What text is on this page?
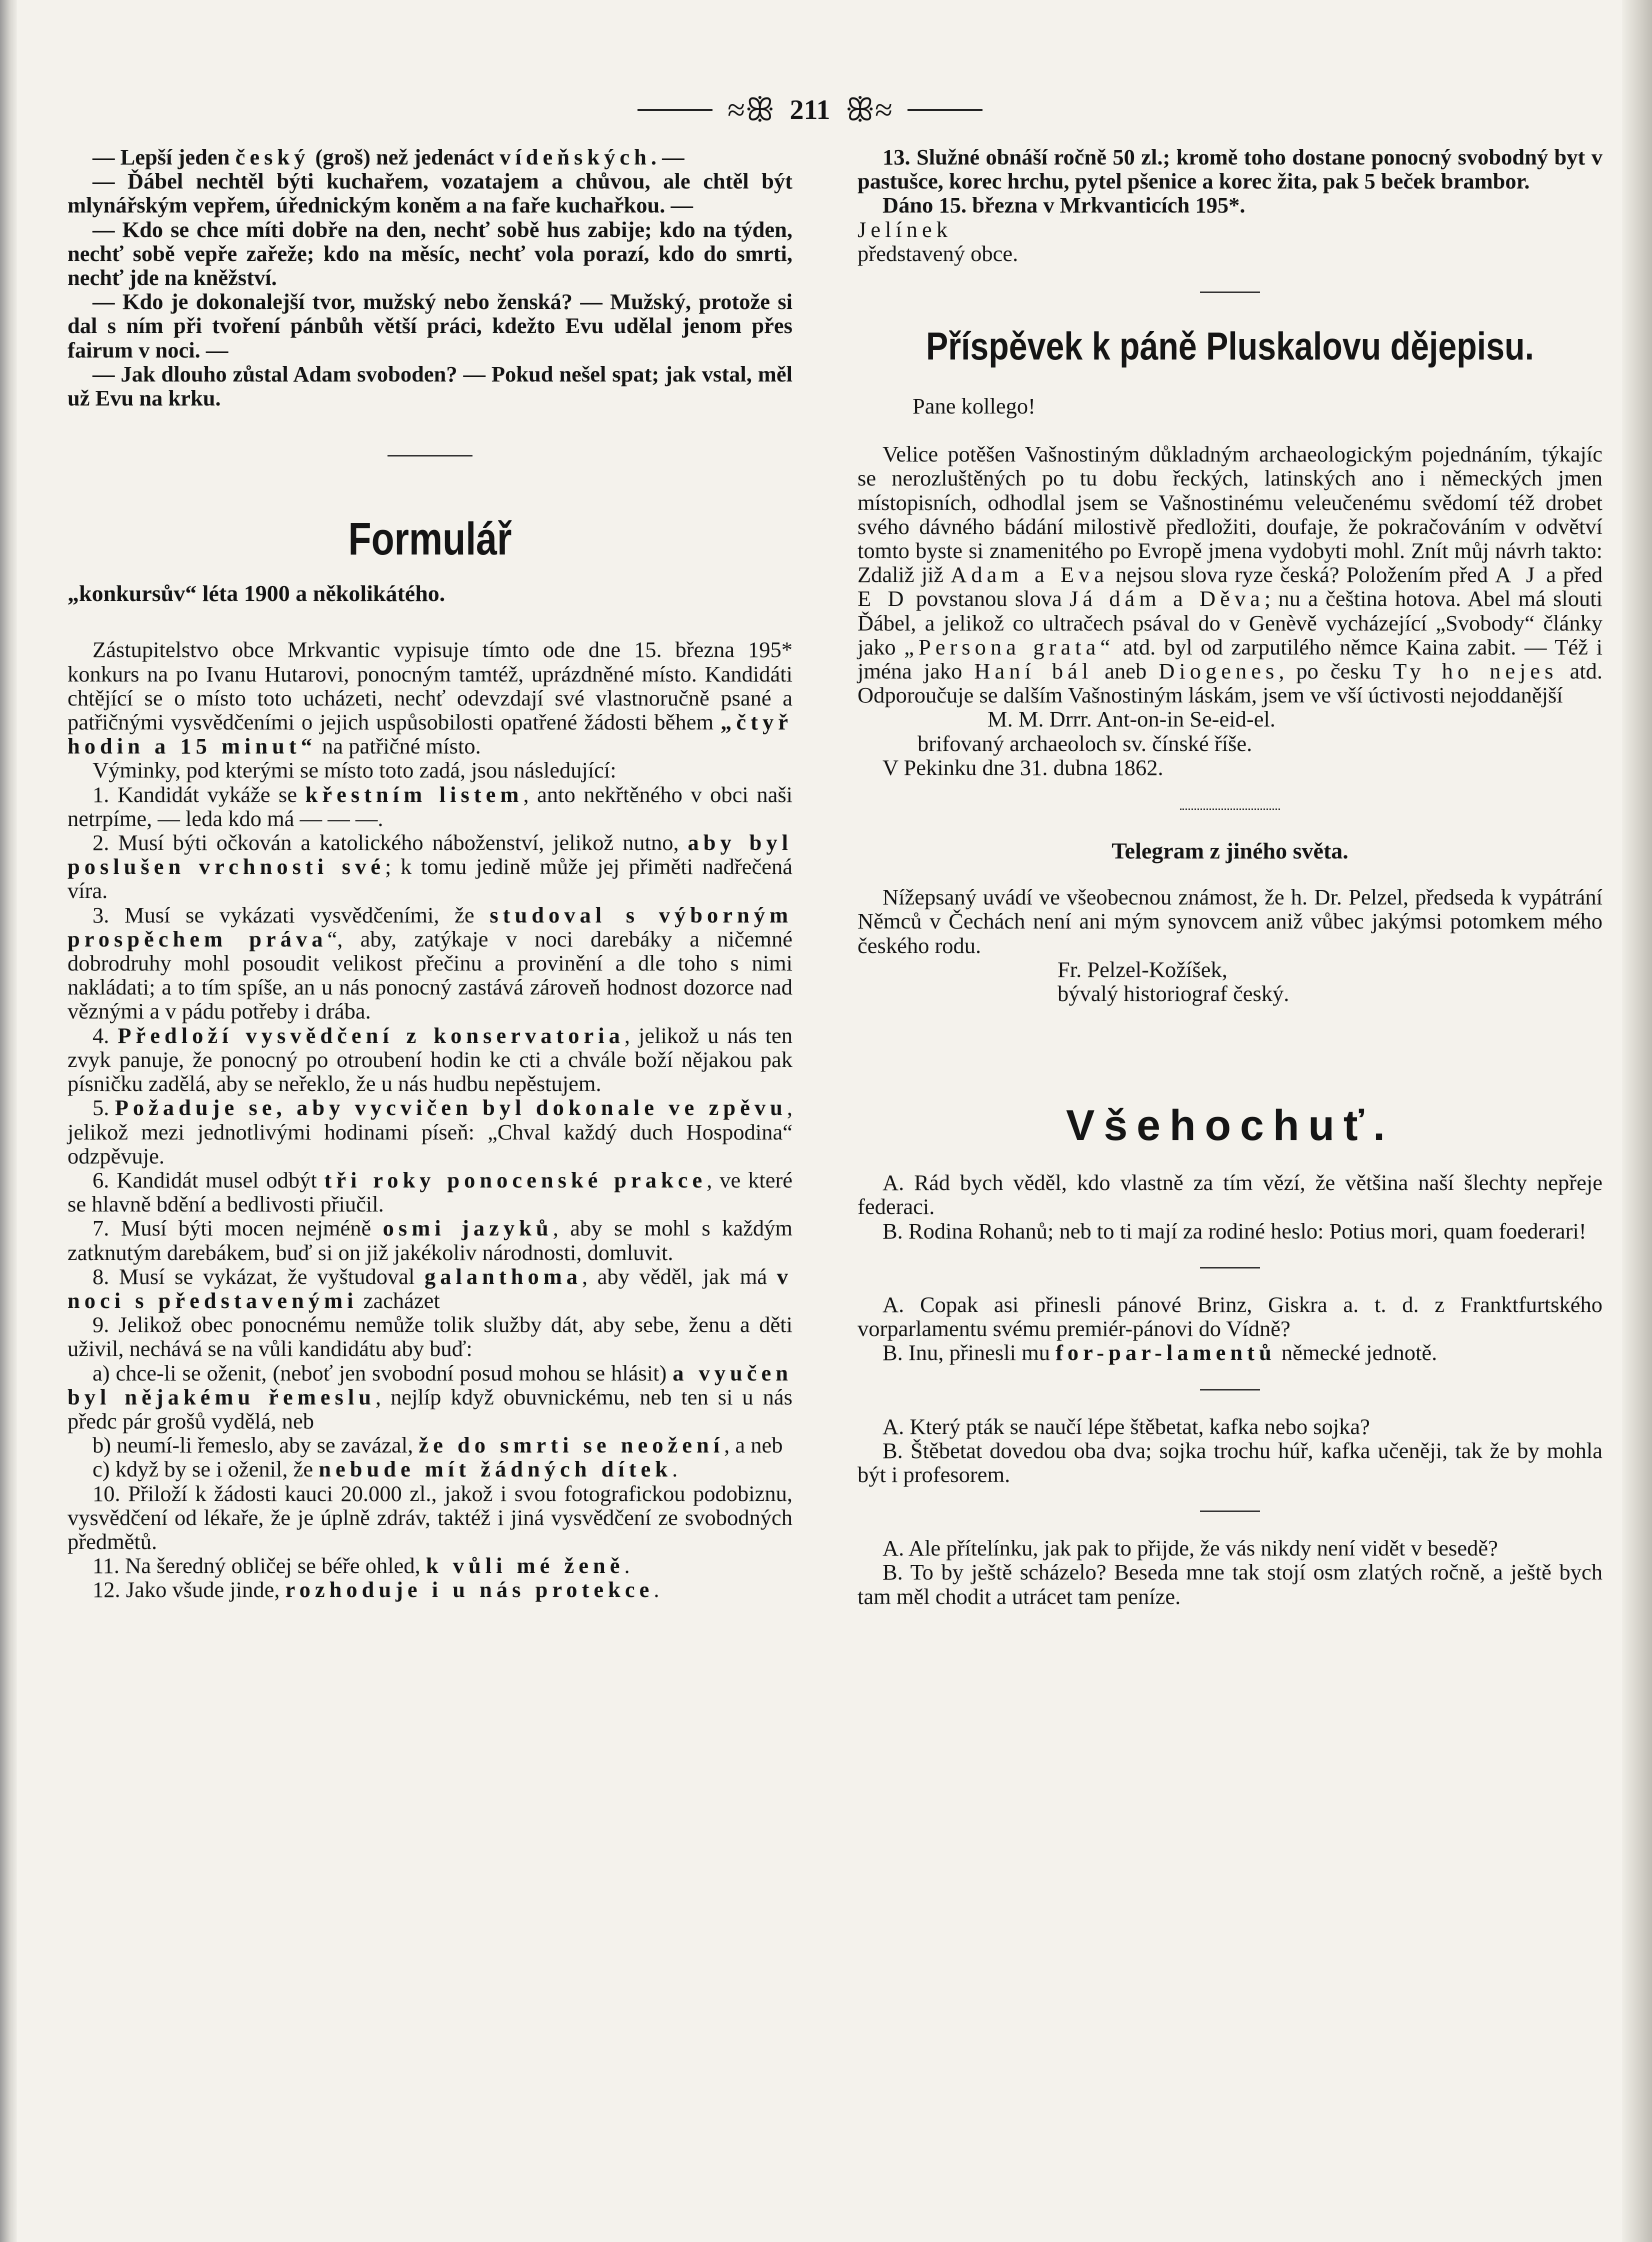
≈ꕥ 211 ꕥ≈

— Lepší jeden český (groš) než jedenáct vídeňských. —

— Ďábel nechtěl býti kuchařem, vozatajem a chůvou, ale chtěl být mlynářským vepřem, úřednickým koněm a na faře kuchařkou. —

— Kdo se chce míti dobře na den, nechť sobě hus zabije; kdo na týden, nechť sobě vepře zařeže; kdo na měsíc, nechť vola porazí, kdo do smrti, nechť jde na kněžství.

— Kdo je dokonalejší tvor, mužský nebo ženská? — Mužský, protože si dal s ním při tvoření pánbůh větší práci, kdežto Evu udělal jenom přes fairum v noci. —

— Jak dlouho zůstal Adam svoboden? — Pokud nešel spat; jak vstal, měl už Evu na krku.

Formulář

„konkursův“ léta 1900 a několikátého.

Zástupitelstvo obce Mrkvantic vypisuje tímto ode dne 15. března 195* konkurs na po Ivanu Hutarovi, ponocným tamtéž, uprázdněné místo. Kandidáti chtějící se o místo toto ucházeti, nechť odevzdají své vlastnoručně psané a patřičnými vysvědčeními o jejich uspůsobilosti opatřené žádosti během „čtyř hodin a 15 minut“ na patřičné místo.

Výminky, pod kterými se místo toto zadá, jsou následující:

1. Kandidát vykáže se křestním listem, anto nekřtěného v obci naši netrpíme, — leda kdo má — — —.

2. Musí býti očkován a katolického náboženství, jelikož nutno, aby byl poslušen vrchnosti své; k tomu jedině může jej přiměti nadřečená víra.

3. Musí se vykázati vysvědčeními, že studoval s výborným prospěchem práva“, aby, zatýkaje v noci darebáky a ničemné dobrodruhy mohl posoudit velikost přečinu a provinění a dle toho s nimi nakládati; a to tím spíše, an u nás ponocný zastává zároveň hodnost dozorce nad věznými a v pádu potřeby i drába.

4. Předloží vysvědčení z konservatoria, jelikož u nás ten zvyk panuje, že ponocný po otroubení hodin ke cti a chvále boží nějakou pak písničku zadělá, aby se neřeklo, že u nás hudbu nepěstujem.

5. Požaduje se, aby vycvičen byl dokonale ve zpěvu, jelikož mezi jednotlivými hodinami píseň: „Chval každý duch Hospodina“ odzpěvuje.

6. Kandidát musel odbýt tři roky ponocenské prakce, ve které se hlavně bdění a bedlivosti přiučil.

7. Musí býti mocen nejméně osmi jazyků, aby se mohl s každým zatknutým darebákem, buď si on již jakékoliv národnosti, domluvit.

8. Musí se vykázat, že vyštudoval galanthoma, aby věděl, jak má v noci s představenými zacházet

9. Jelikož obec ponocnému nemůže tolik služby dát, aby sebe, ženu a děti uživil, nechává se na vůli kandidátu aby buď:

a) chce-li se oženit, (neboť jen svobodní posud mohou se hlásit) a vyučen byl nějakému řemeslu, nejlíp když obuvnickému, neb ten si u nás předc pár grošů vydělá, neb

b) neumí-li řemeslo, aby se zavázal, že do smrti se neožení, a neb

c) když by se i oženil, že nebude mít žádných dítek.

10. Přiloží k žádosti kauci 20.000 zl., jakož i svou fotografickou podobiznu, vysvědčení od lékaře, že je úplně zdráv, taktéž i jiná vysvědčení ze svobodných předmětů.

11. Na šeredný obličej se béře ohled, k vůli mé ženě.

12. Jako všude jinde, rozhoduje i u nás protekce.

13. Služné obnáší ročně 50 zl.; kromě toho dostane ponocný svobodný byt v pastušce, korec hrchu, pytel pšenice a korec žita, pak 5 beček brambor.

Dáno 15. března v Mrkvanticích 195*.

Jelínek

představený obce.

Příspěvek k páně Pluskalovu dějepisu.

Pane kollego!

Velice potěšen Vašnostiným důkladným archaeologickým pojednáním, týkajíc se nerozluštěných po tu dobu řeckých, latinských ano i německých jmen místopisních, odhodlal jsem se Vašnostinému veleučenému svědomí též drobet svého dávného bádání milostivě předložiti, doufaje, že pokračováním v odvětví tomto byste si znamenitého po Evropě jmena vydobyti mohl. Znít můj návrh takto: Zdaliž již Adam a Eva nejsou slova ryze česká? Položením před A J a před E D povstanou slova Já dám a Děva; nu a čeština hotova. Abel má slouti Ďábel, a jelikož co ultračech psával do v Genèvě vycházející „Svobody“ články jako „Persona grata“ atd. byl od zarputilého němce Kaina zabit. — Též i jména jako Haní bál aneb Diogenes, po česku Ty ho nejes atd. Odporoučuje se dalším Vašnostiným láskám, jsem ve vší úctivosti nejoddanější

M. M. Drrr. Ant-on-in Se-eid-el.

brifovaný archaeoloch sv. čínské říše.

V Pekinku dne 31. dubna 1862.

Telegram z jiného světa.

Nížepsaný uvádí ve všeobecnou známost, že h. Dr. Pelzel, předseda k vypátrání Němců v Čechách není ani mým synovcem aniž vůbec jakýmsi potomkem mého českého rodu.

Fr. Pelzel-Kožíšek,

bývalý historiograf český.

Všehochuť.

A. Rád bych věděl, kdo vlastně za tím vězí, že většina naší šlechty nepřeje federaci.

B. Rodina Rohanů; neb to ti mají za rodiné heslo: Potius mori, quam foederari!

A. Copak asi přinesli pánové Brinz, Giskra a. t. d. z Franktfurtského vorparlamentu svému premiér-pánovi do Vídně?

B. Inu, přinesli mu for-par-lamentů německé jednotě.

A. Který pták se naučí lépe štěbetat, kafka nebo sojka?

B. Štěbetat dovedou oba dva; sojka trochu húř, kafka učeněji, tak že by mohla být i profesorem.

A. Ale přítelínku, jak pak to přijde, že vás nikdy není vidět v besedě?

B. To by ještě scházelo? Beseda mne tak stojí osm zlatých ročně, a ještě bych tam měl chodit a utrácet tam peníze.
